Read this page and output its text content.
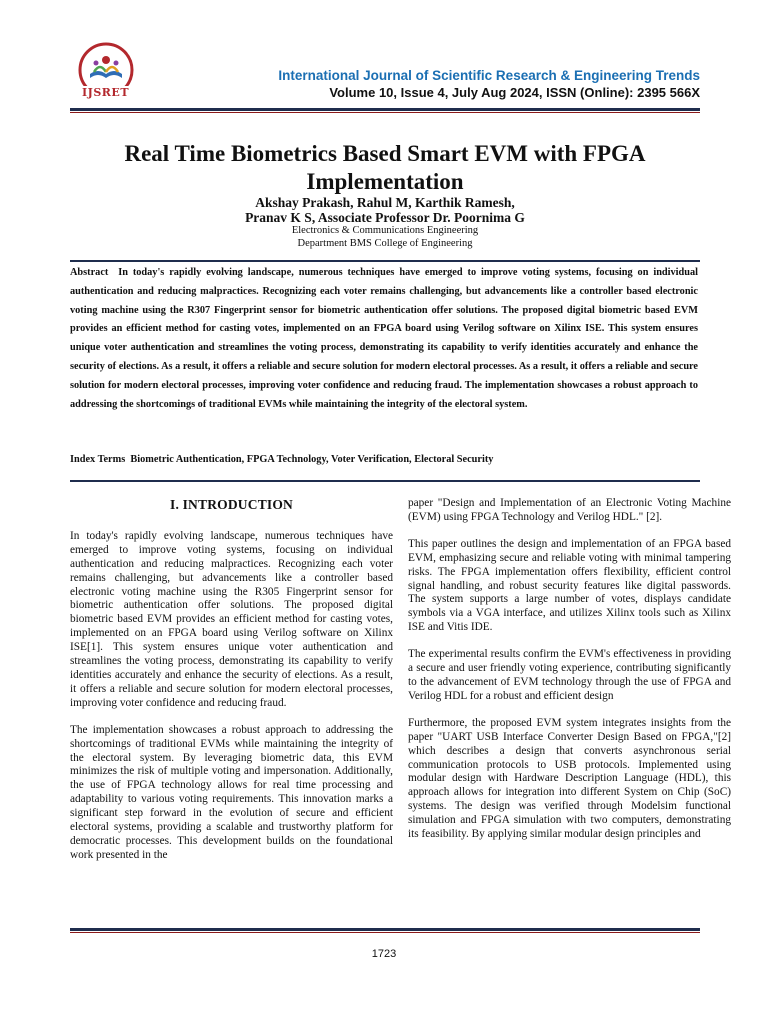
IJSRET
International Journal of Scientific Research & Engineering Trends
Volume 10, Issue 4, July Aug 2024, ISSN (Online): 2395 566X
Real Time Biometrics Based Smart EVM with FPGA
Implementation
Akshay Prakash, Rahul M, Karthik Ramesh,
Pranav K S, Associate Professor Dr. Poornima G
Electronics & Communications Engineering
Department BMS College of Engineering

Abstract In today's rapidly evolving landscape, numerous techniques have emerged to improve voting systems, focusing on individual authentication and reducing malpractices. Recognizing each voter remains challenging, but advancements like a controller based electronic voting machine using the R307 Fingerprint sensor for biometric authentication offer solutions. The proposed digital biometric based EVM provides an efficient method for casting votes, implemented on an FPGA board using Verilog software on Xilinx ISE. This system ensures unique voter authentication and streamlines the voting process, demonstrating its capability to verify identities accurately and enhance the security of elections. As a result, it offers a reliable and secure solution for modern electoral processes. As a result, it offers a reliable and secure solution for modern electoral processes, improving voter confidence and reducing fraud. The implementation showcases a robust approach to addressing the shortcomings of traditional EVMs while maintaining the integrity of the electoral system.

Index Terms Biometric Authentication, FPGA Technology, Voter Verification, Electoral Security
I. INTRODUCTION

In today's rapidly evolving landscape, numerous techniques have emerged to improve voting systems, focusing on individual authentication and reducing malpractices. Recognizing each voter remains challenging, but advancements like a controller based electronic voting machine using the R305 Fingerprint sensor for biometric authentication offer solutions. The proposed digital biometric based EVM provides an efficient method for casting votes, implemented on an FPGA board using Verilog software on Xilinx ISE[1]. This system ensures unique voter authentication and streamlines the voting process, demonstrating its capability to verify identities accurately and enhance the security of elections. As a result, it offers a reliable and secure solution for modern electoral processes, improving voter confidence and reducing fraud.

The implementation showcases a robust approach to addressing the shortcomings of traditional EVMs while maintaining the integrity of the electoral system. By leveraging biometric data, this EVM minimizes the risk of multiple voting and impersonation. Additionally, the use of FPGA technology allows for real time processing and adaptability to various voting requirements. This innovation marks a significant step forward in the evolution of secure and efficient electoral systems, providing a scalable and trustworthy platform for democratic processes. This development builds on the foundational work presented in the

paper "Design and Implementation of an Electronic Voting Machine (EVM) using FPGA Technology and Verilog HDL." [2].

This paper outlines the design and implementation of an FPGA based EVM, emphasizing secure and reliable voting with minimal tampering risks. The FPGA implementation offers flexibility, efficient control signal handling, and robust security features like digital passwords. The system supports a large number of votes, displays candidate symbols via a VGA interface, and utilizes Xilinx tools such as Xilinx ISE and Vitis IDE.

The experimental results confirm the EVM's effectiveness in providing a secure and user friendly voting experience, contributing significantly to the advancement of EVM technology through the use of FPGA and Verilog HDL for a robust and efficient design

Furthermore, the proposed EVM system integrates insights from the paper "UART USB Interface Converter Design Based on FPGA,"[2] which describes a design that converts asynchronous serial communication protocols to USB protocols. Implemented using modular design with Hardware Description Language (HDL), this approach allows for integration into different System on Chip (SoC) systems. The design was verified through Modelsim functional simulation and FPGA simulation with two computers, demonstrating its feasibility. By applying similar modular design principles and

1723
